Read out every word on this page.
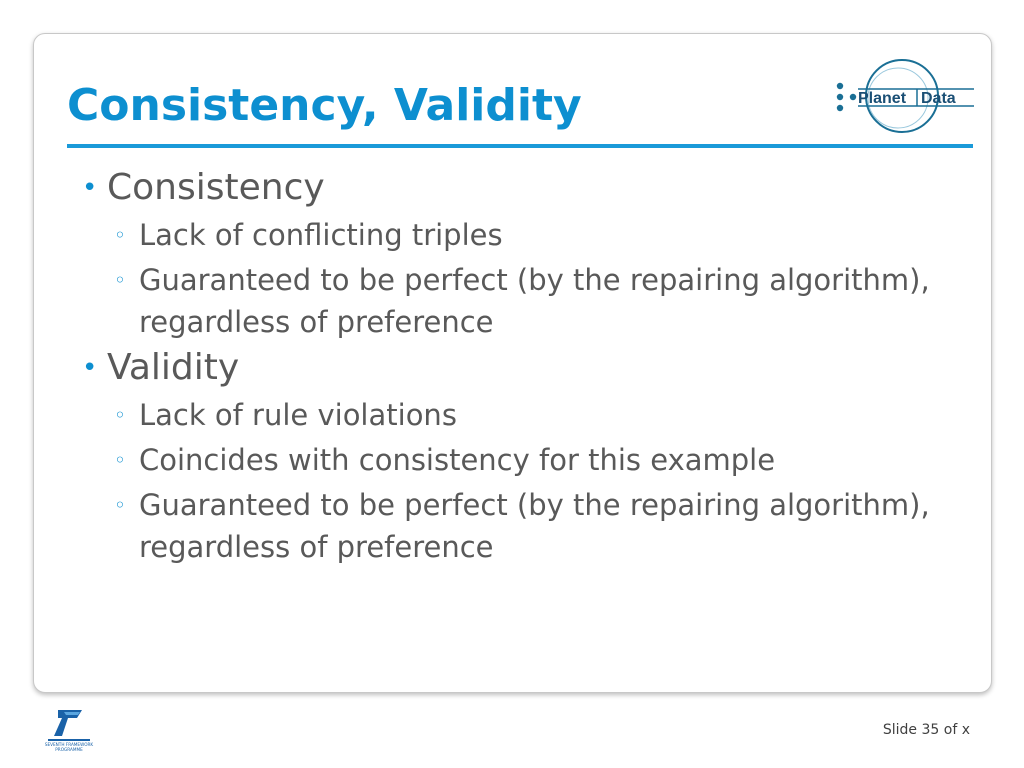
Consistency, Validity	Planet Data

• Consistency

◦ Lack of conflicting triples

◦ Guaranteed to be perfect (by the repairing algorithm), regardless of preference

• Validity

◦ Lack of rule violations

◦ Coincides with consistency for this example

◦ Guaranteed to be perfect (by the repairing algorithm), regardless of preference

SEVENTH FRAMEWORK
PROGRAMME
Slide 35 of x
